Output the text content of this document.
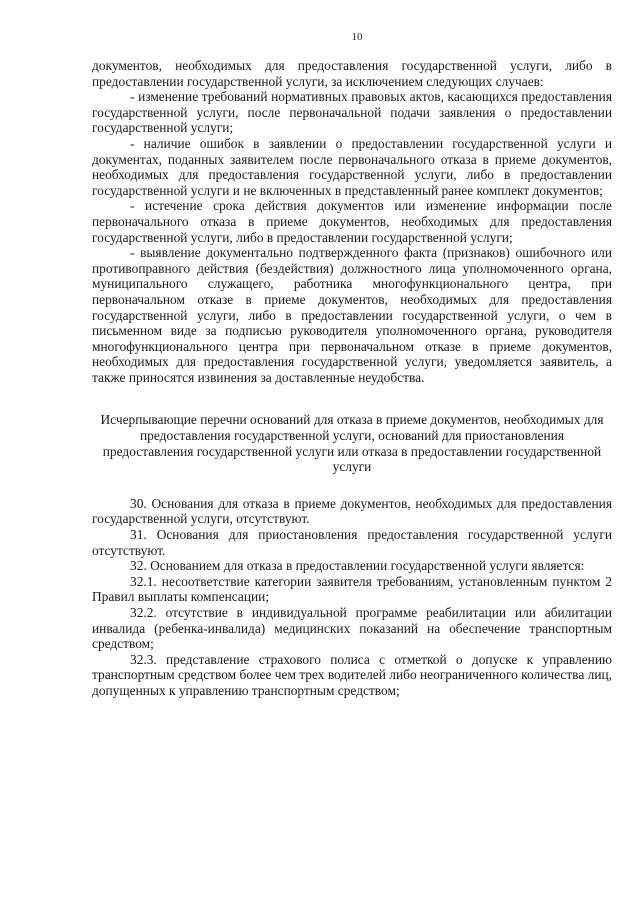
10

документов, необходимых для предоставления государственной услуги, либо в предоставлении государственной услуги, за исключением следующих случаев:

- изменение требований нормативных правовых актов, касающихся предоставления государственной услуги, после первоначальной подачи заявления о предоставлении государственной услуги;

- наличие ошибок в заявлении о предоставлении государственной услуги и документах, поданных заявителем после первоначального отказа в приеме документов, необходимых для предоставления государственной услуги, либо в предоставлении государственной услуги и не включенных в представленный ранее комплект документов;

- истечение срока действия документов или изменение информации после первоначального отказа в приеме документов, необходимых для предоставления государственной услуги, либо в предоставлении государственной услуги;

- выявление документально подтвержденного факта (признаков) ошибочного или противоправного действия (бездействия) должностного лица уполномоченного органа, муниципального служащего, работника многофункционального центра, при первоначальном отказе в приеме документов, необходимых для предоставления государственной услуги, либо в предоставлении государственной услуги, о чем в письменном виде за подписью руководителя уполномоченного органа, руководителя многофункционального центра при первоначальном отказе в приеме документов, необходимых для предоставления государственной услуги, уведомляется заявитель, а также приносятся извинения за доставленные неудобства.

Исчерпывающие перечни оснований для отказа в приеме документов, необходимых для предоставления государственной услуги, оснований для приостановления предоставления государственной услуги или отказа в предоставлении государственной услуги

30. Основания для отказа в приеме документов, необходимых для предоставления государственной услуги, отсутствуют.

31. Основания для приостановления предоставления государственной услуги отсутствуют.

32. Основанием для отказа в предоставлении государственной услуги является:

32.1. несоответствие категории заявителя требованиям, установленным пунктом 2 Правил выплаты компенсации;

32.2. отсутствие в индивидуальной программе реабилитации или абилитации инвалида (ребенка-инвалида) медицинских показаний на обеспечение транспортным средством;

32.3. представление страхового полиса с отметкой о допуске к управлению транспортным средством более чем трех водителей либо неограниченного количества лиц, допущенных к управлению транспортным средством;
